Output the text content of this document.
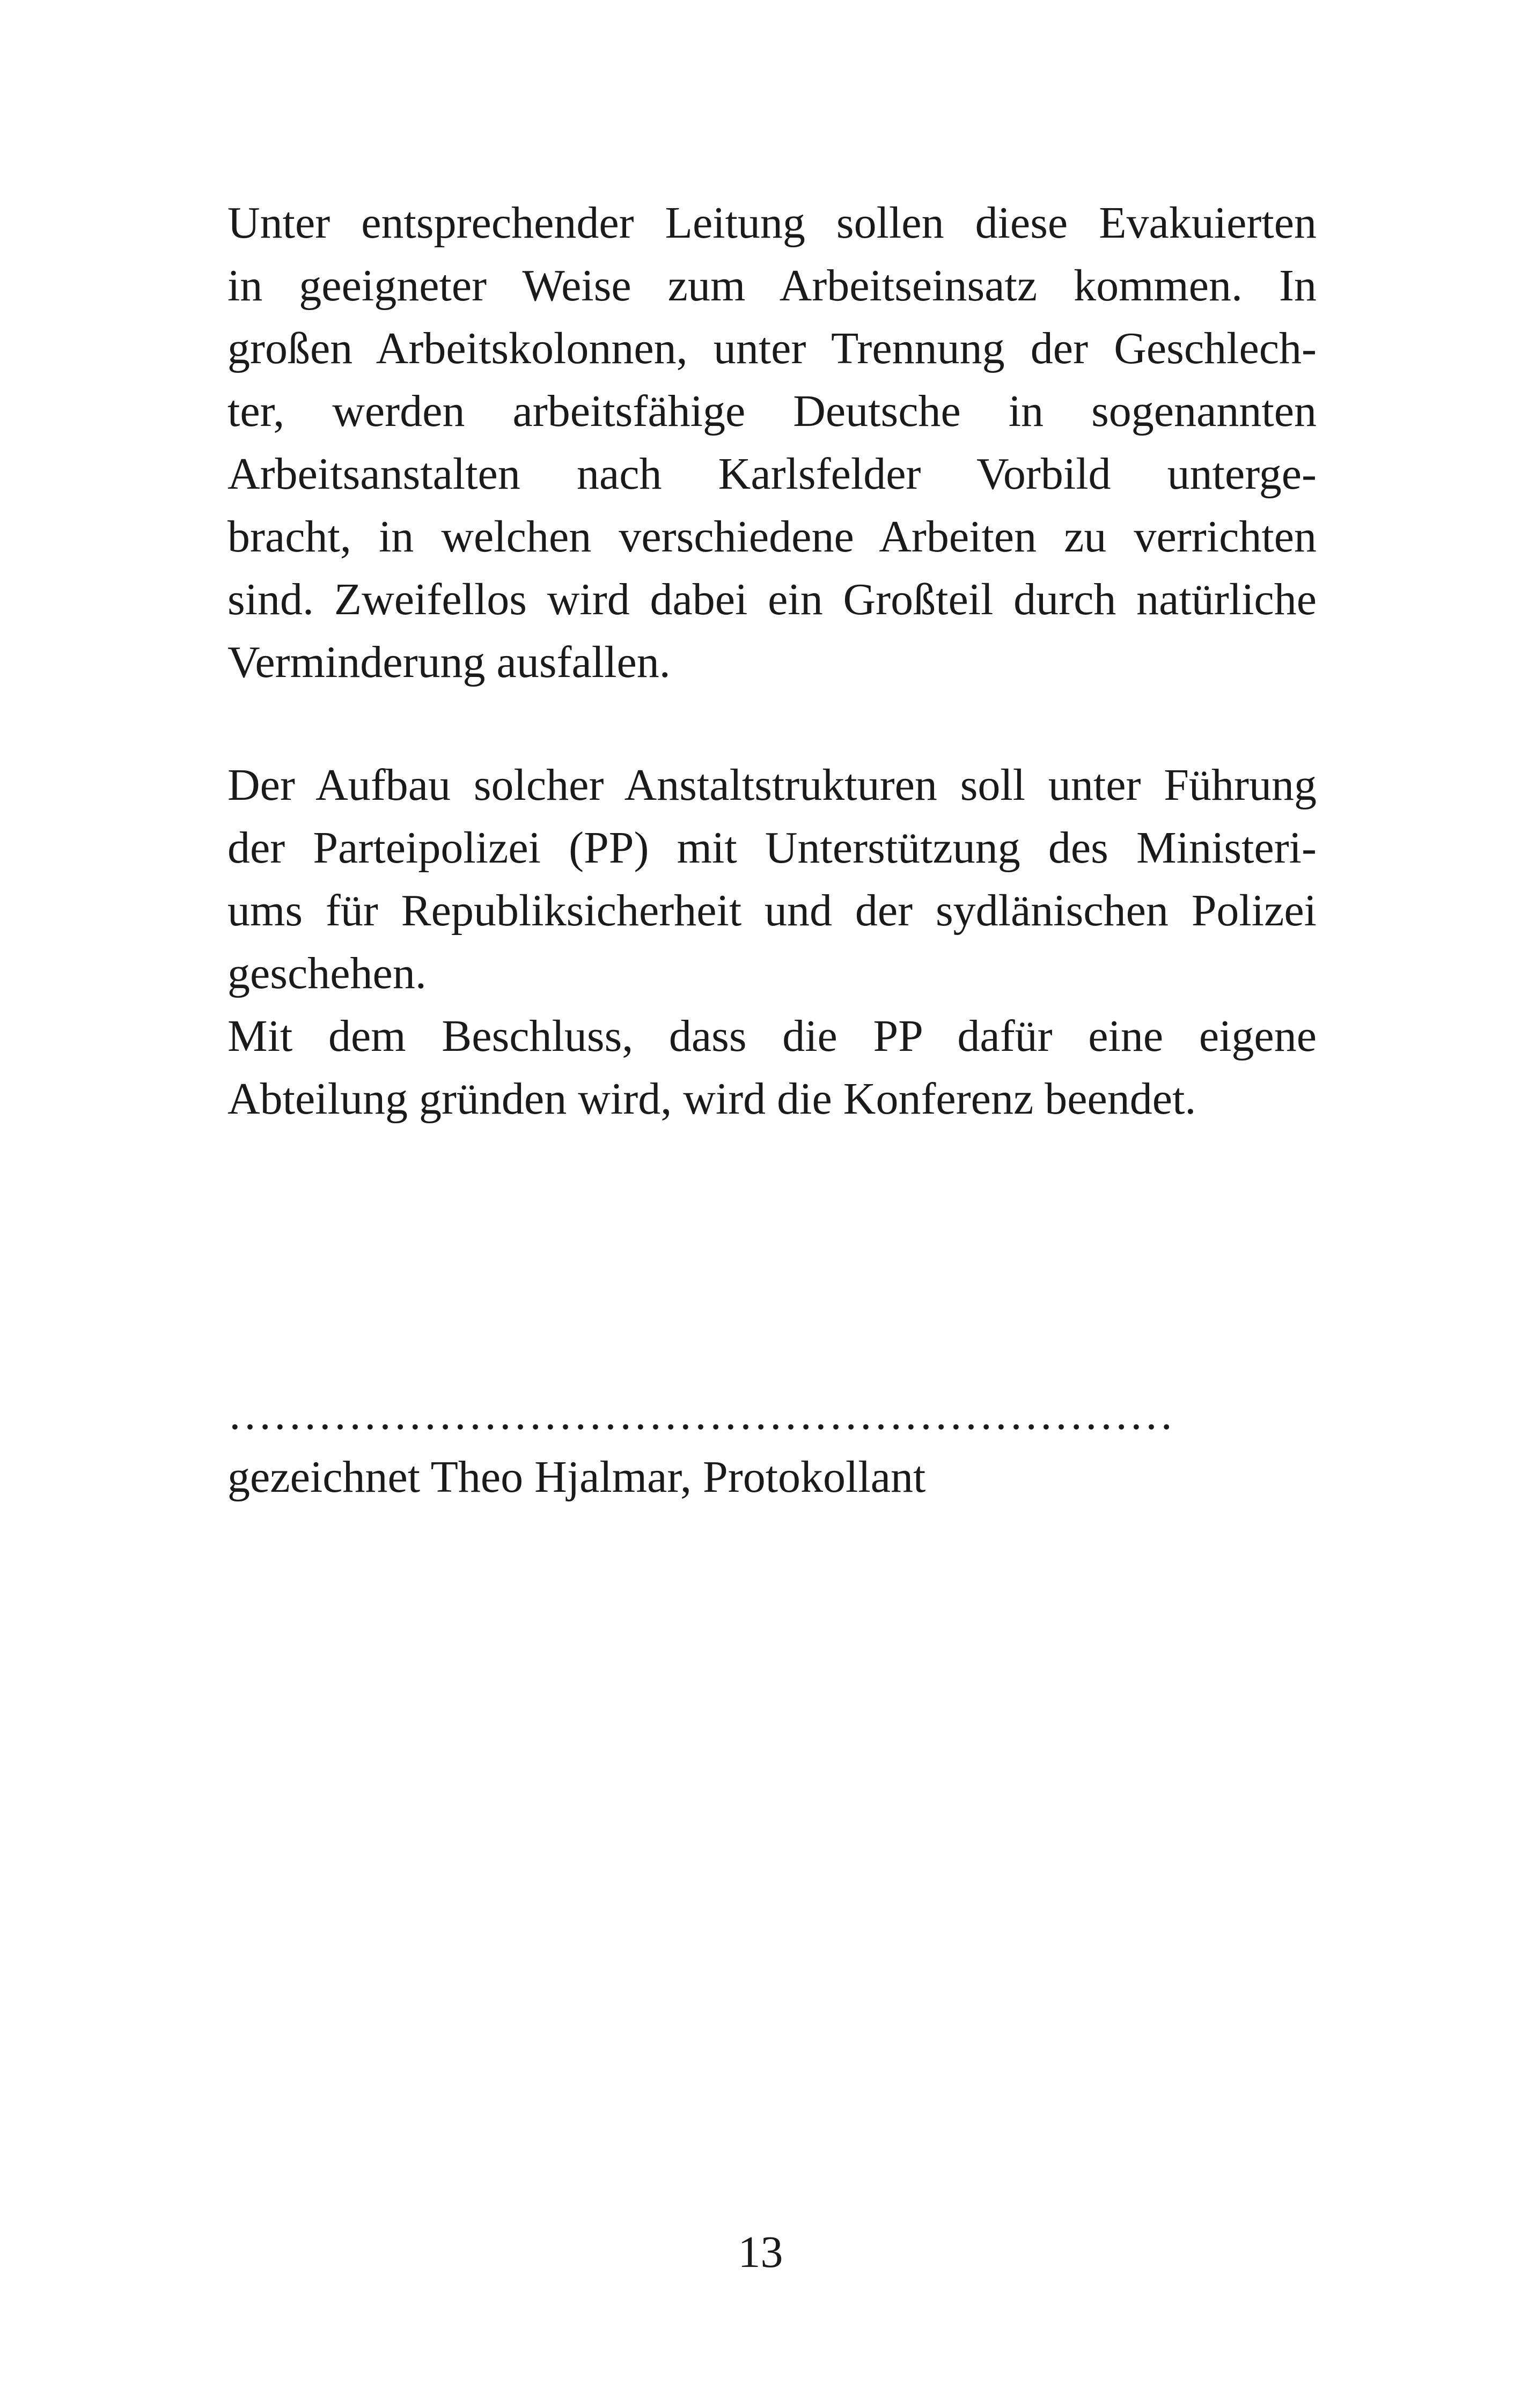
Unter entsprechender Leitung sollen diese Evakuierten
in geeigneter Weise zum Arbeitseinsatz kommen. In
großen Arbeitskolonnen, unter Trennung der Geschlech-
ter, werden arbeitsfähige Deutsche in sogenannten
Arbeitsanstalten nach Karlsfelder Vorbild unterge-
bracht, in welchen verschiedene Arbeiten zu verrichten
sind. Zweifellos wird dabei ein Großteil durch natürliche
Verminderung ausfallen.
Der Aufbau solcher Anstaltstrukturen soll unter Führung
der Parteipolizei (PP) mit Unterstützung des Ministeri-
ums für Republiksicherheit und der sydlänischen Polizei
geschehen.
Mit dem Beschluss, dass die PP dafür eine eigene
Abteilung gründen wird, wird die Konferenz beendet.
………………………………………………………
gezeichnet Theo Hjalmar, Protokollant
13
